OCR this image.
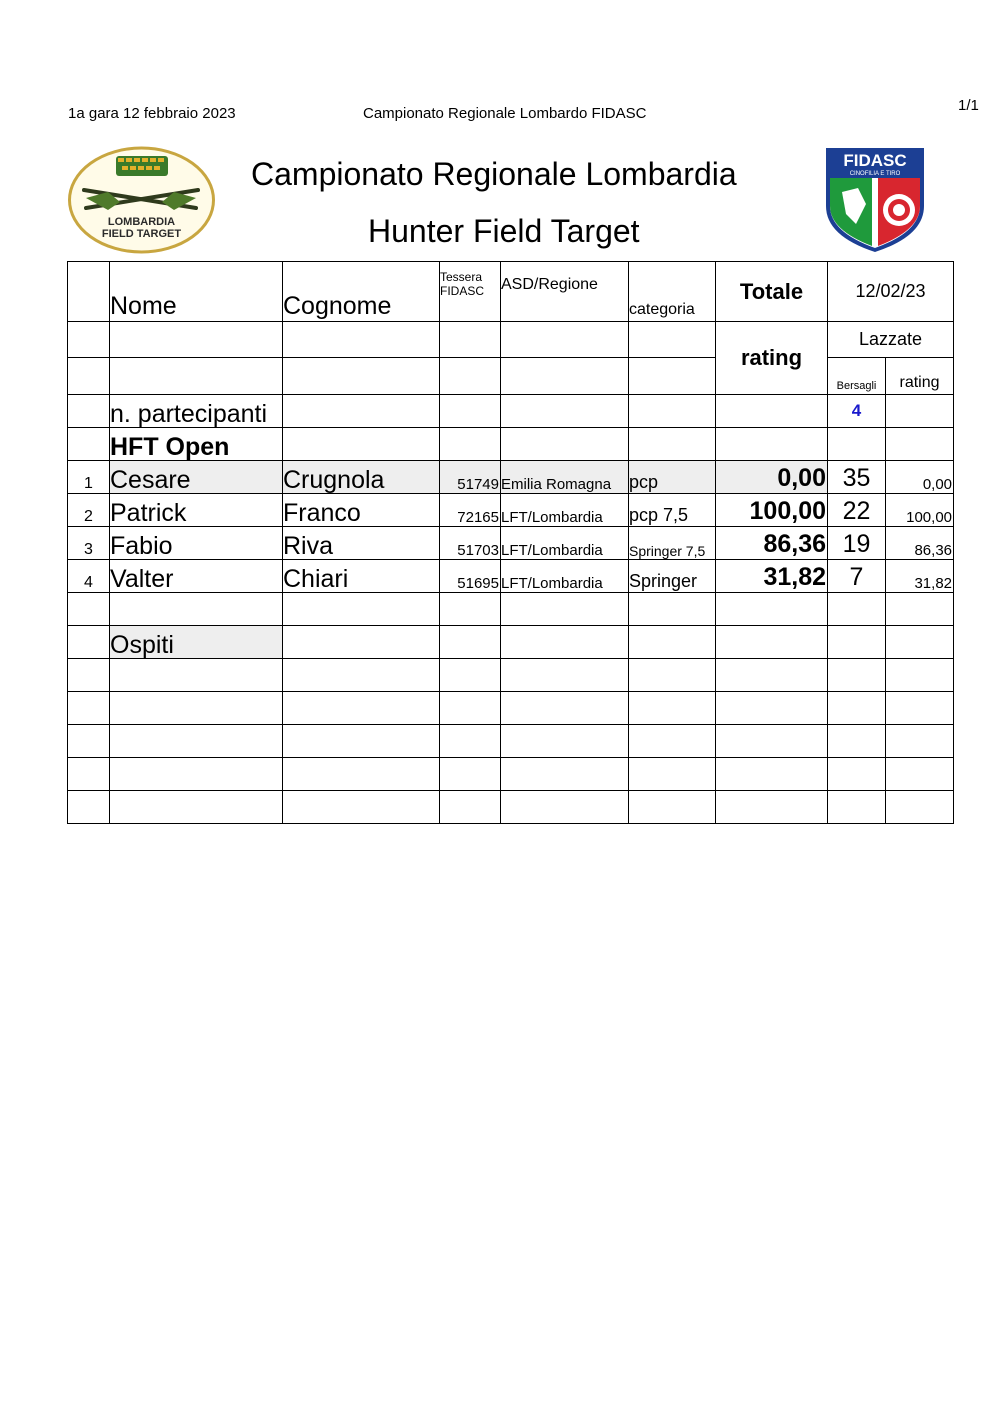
1a gara 12 febbraio 2023	Campionato Regionale Lombardo FIDASC	1/1
LOMBARDIA
FIELD TARGET
Campionato Regionale Lombardia
Hunter Field Target
FIDASC
CINOFILIA E TIRO
	Nome	Cognome	Tessera
FIDASC	ASD/Regione	categoria	Totale	12/02/23	
						rating	Lazzate	
							Bersagli	rating
	n. partecipanti						4	
	HFT Open							
1	Cesare	Crugnola	51749	Emilia Romagna	pcp	0,00	35	0,00
2	Patrick	Franco	72165	LFT/Lombardia	pcp 7,5	100,00	22	100,00
3	Fabio	Riva	51703	LFT/Lombardia	Springer 7,5	86,36	19	86,36
4	Valter	Chiari	51695	LFT/Lombardia	Springer	31,82	7	31,82

	Ospiti							
